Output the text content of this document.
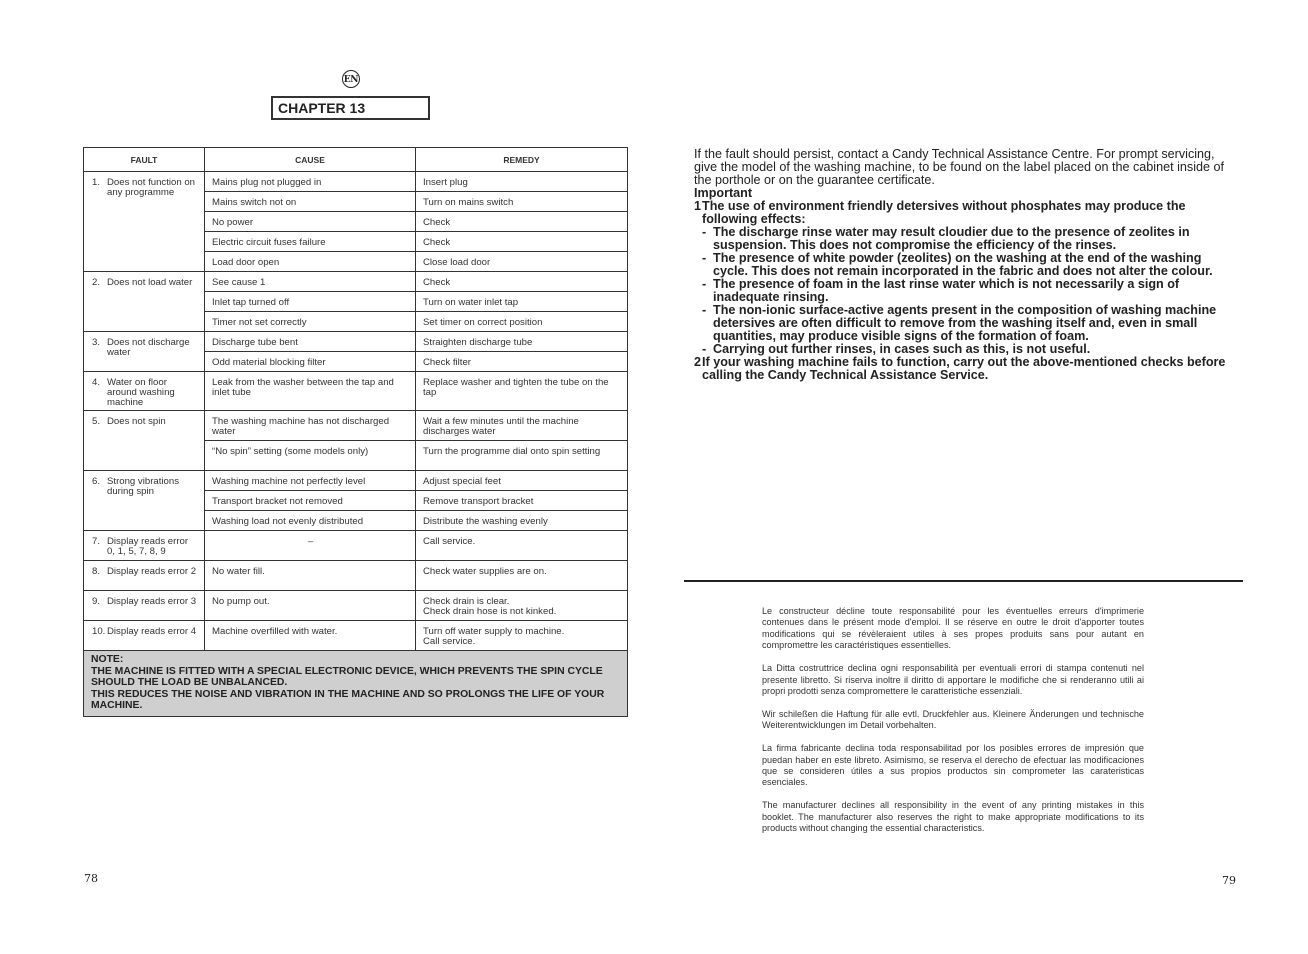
EN
CHAPTER 13
FAULT	CAUSE	REMEDY
1. Does not function on any programme	Mains plug not plugged in	Insert plug
	Mains switch not on	Turn on mains switch
	No power	Check
	Electric circuit fuses failure	Check
	Load door open	Close load door
2. Does not load water	See cause 1	Check
	Inlet tap turned off	Turn on water inlet tap
	Timer not set correctly	Set timer on correct position
3. Does not discharge water	Discharge tube bent	Straighten discharge tube
	Odd material blocking filter	Check filter
4. Water on floor around washing machine	Leak from the washer between the tap and inlet tube	Replace washer and tighten the tube on the tap
5. Does not spin	The washing machine has not discharged water	Wait a few minutes until the machine discharges water
	“No spin” setting (some models only)	Turn the programme dial onto spin setting
6. Strong vibrations during spin	Washing machine not perfectly level	Adjust special feet
	Transport bracket not removed	Remove transport bracket
	Washing load not evenly distributed	Distribute the washing evenly
7. Display reads error 0, 1, 5, 7, 8, 9	–	Call service.
8. Display reads error 2	No water fill.	Check water supplies are on.
9. Display reads error 3	No pump out.	Check drain is clear.
Check drain hose is not kinked.
10. Display reads error 4	Machine overfilled with water.	Turn off water supply to machine.
Call service.
NOTE:
THE MACHINE IS FITTED WITH A SPECIAL ELECTRONIC DEVICE, WHICH PREVENTS THE SPIN CYCLE SHOULD THE LOAD BE UNBALANCED.
THIS REDUCES THE NOISE AND VIBRATION IN THE MACHINE AND SO PROLONGS THE LIFE OF YOUR MACHINE.		
78

If the fault should persist, contact a Candy Technical Assistance Centre. For prompt servicing, give the model of the washing machine, to be found on the label placed on the cabinet inside of the porthole or on the guarantee certificate.

Important

1The use of environment friendly detersives without phosphates may produce the following effects:

- The discharge rinse water may result cloudier due to the presence of zeolites in suspension. This does not compromise the efficiency of the rinses.

- The presence of white powder (zeolites) on the washing at the end of the washing cycle. This does not remain incorporated in the fabric and does not alter the colour.

- The presence of foam in the last rinse water which is not necessarily a sign of inadequate rinsing.

- The non-ionic surface-active agents present in the composition of washing machine detersives are often difficult to remove from the washing itself and, even in small quantities, may produce visible signs of the formation of foam.

- Carrying out further rinses, in cases such as this, is not useful.

2If your washing machine fails to function, carry out the above-mentioned checks before calling the Candy Technical Assistance Service.

Le constructeur décline toute responsabilité pour les éventuelles erreurs d'imprimerie contenues dans le présent mode d'emploi. Il se réserve en outre le droit d'apporter toutes modifications qui se révèleraient utiles à ses propes produits sans pour autant en compromettre les caractéristiques essentielles.

La Ditta costruttrice declina ogni responsabilità per eventuali errori di stampa contenuti nel presente libretto. Si riserva inoltre il diritto di apportare le modifiche che si renderanno utili ai propri prodotti senza compromettere le caratteristiche essenziali.

Wir schileßen die Haftung für alle evtl. Druckfehler aus. Kleinere Änderungen und technische Weiterentwicklungen im Detail vorbehalten.

La firma fabricante declina toda responsabilitad por los posibles errores de impresión que puedan haber en este libreto. Asimismo, se reserva el derecho de efectuar las modificaciones que se consideren útiles a sus propios productos sin comprometer las carateristicas esenciales.

The manufacturer declines all responsibility in the event of any printing mistakes in this booklet. The manufacturer also reserves the right to make appropriate modifications to its products without changing the essential characteristics.

79
